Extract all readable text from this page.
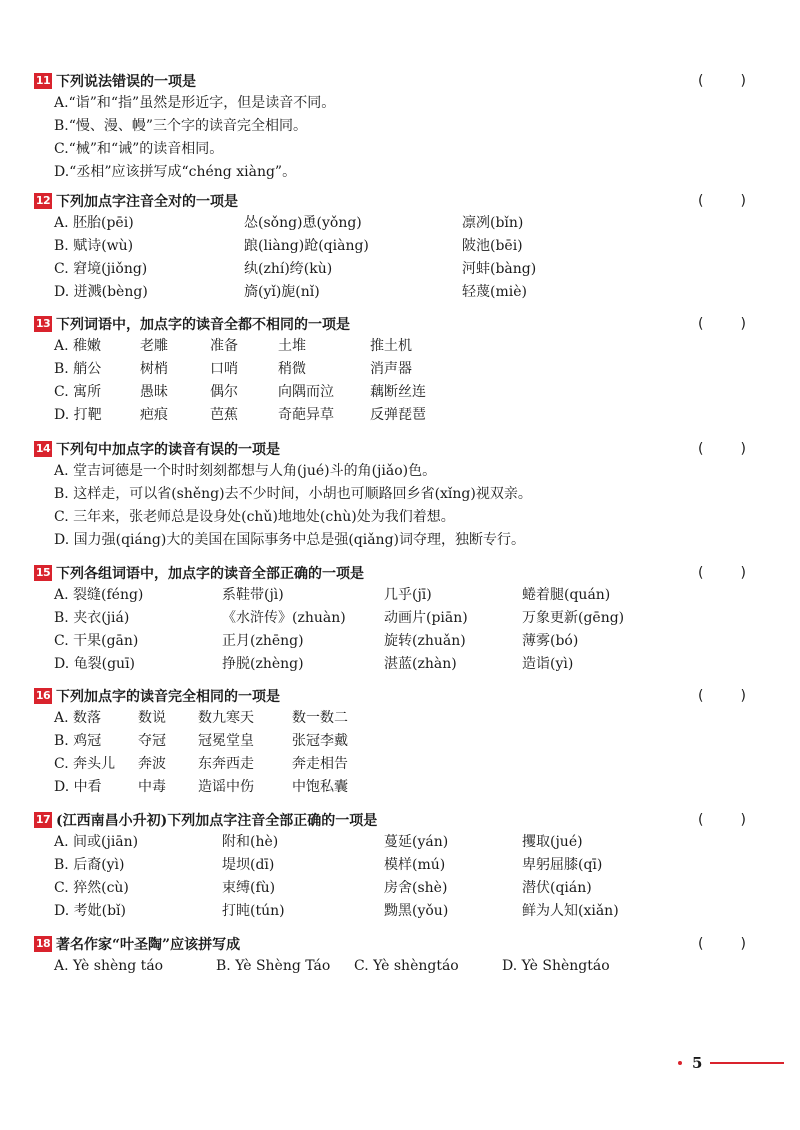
11 下列说法错误的一项是	(	)
A.“诣”和“指”虽然是形近字，但是读音不同。
B.“慢、漫、幔”三个字的读音完全相同。
C.“械”和“诫”的读音相同。
D.“丞相”应该拼写成“chéng xiàng”。
12 下列加点字注音全对的一项是	(	)
A. 胚胎(pēi)	怂(sǒng)恿(yǒng)	凛冽(bǐn)
B. 赋诗(wù)	踉(liàng)跄(qiàng)	陂池(bēi)
C. 窘境(jiǒng)	纨(zhí)绔(kù)	河蚌(bàng)
D. 迸溅(bèng)	旖(yǐ)旎(nǐ)	轻蔑(miè)
13 下列词语中，加点字的读音全都不相同的一项是	(	)
A. 稚嫩	老雕	准备	土堆	推土机
B. 艄公	树梢	口哨	稍微	消声器
C. 寓所	愚昧	偶尔	向隅而泣	藕断丝连
D. 打靶	疤痕	芭蕉	奇葩异草	反弹琵琶
14 下列句中加点字的读音有误的一项是	(	)
A. 堂吉诃德是一个时时刻刻都想与人角(jué)斗的角(jiǎo)色。
B. 这样走，可以省(shěng)去不少时间，小胡也可顺路回乡省(xǐng)视双亲。
C. 三年来，张老师总是设身处(chǔ)地地处(chù)处为我们着想。
D. 国力强(qiáng)大的美国在国际事务中总是强(qiǎng)词夺理，独断专行。
15 下列各组词语中，加点字的读音全部正确的一项是	(	)
A. 裂缝(féng)	系鞋带(jì)	几乎(jī)	蜷着腿(quán)
B. 夹衣(jiá)	《水浒传》(zhuàn)	动画片(piān)	万象更新(gēng)
C. 干果(gān)	正月(zhēng)	旋转(zhuǎn)	薄雾(bó)
D. 龟裂(guī)	挣脱(zhèng)	湛蓝(zhàn)	造诣(yì)
16 下列加点字的读音完全相同的一项是	(	)
A. 数落	数说	数九寒天	数一数二
B. 鸡冠	夺冠	冠冕堂皇	张冠李戴
C. 奔头儿	奔波	东奔西走	奔走相告
D. 中看	中毒	造谣中伤	中饱私囊
17 (江西南昌小升初)下列加点字注音全部正确的一项是	(	)
A. 间或(jiān)	附和(hè)	蔓延(yán)	攫取(jué)
B. 后裔(yì)	堤坝(dī)	模样(mú)	卑躬屈膝(qī)
C. 猝然(cù)	束缚(fù)	房舍(shè)	潜伏(qián)
D. 考妣(bǐ)	打盹(tún)	黝黑(yǒu)	鲜为人知(xiǎn)
18 著名作家“叶圣陶”应该拼写成	(	)
A. Yè shèng táo	B. Yè Shèng Táo	C. Yè shèngtáo	D. Yè Shèngtáo
5
